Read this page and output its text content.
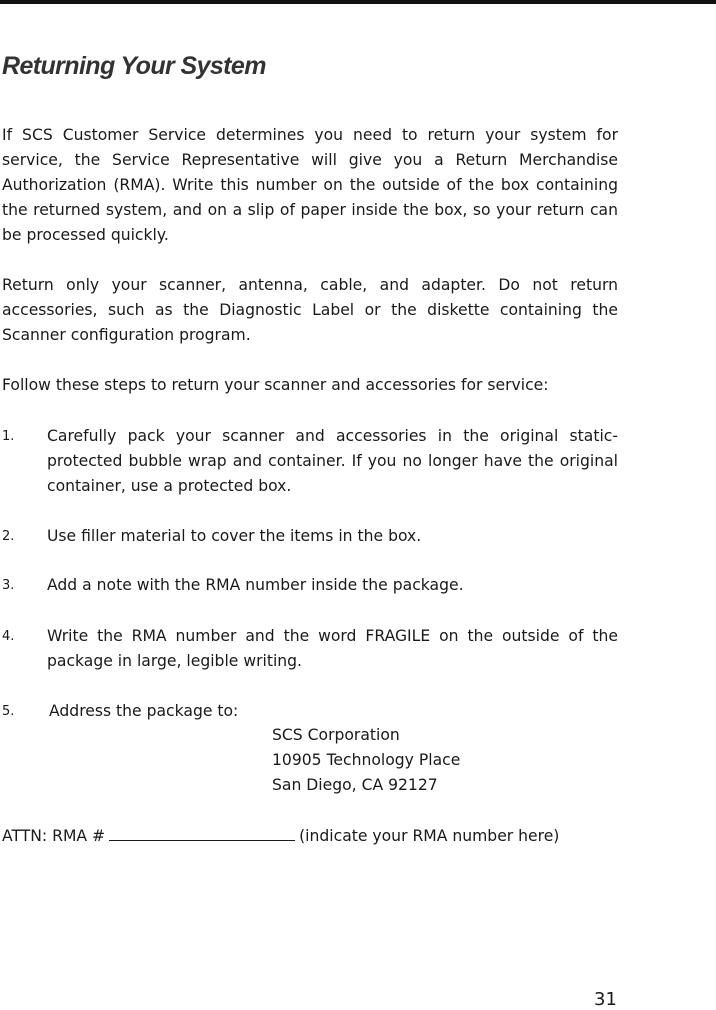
Returning Your System

If SCS Customer Service determines you need to return your system for service, the Service Representative will give you a Return Merchandise Authorization (RMA). Write this number on the outside of the box containing the returned system, and on a slip of paper inside the box, so your return can be processed quickly.

Return only your scanner, antenna, cable, and adapter. Do not return accessories, such as the Diagnostic Label or the diskette containing the Scanner configuration program.

Follow these steps to return your scanner and accessories for service:

1. Carefully pack your scanner and accessories in the original static-protected bubble wrap and container. If you no longer have the original container, use a protected box.
2. Use filler material to cover the items in the box.
3. Add a note with the RMA number inside the package.
4. Write the RMA number and the word FRAGILE on the outside of the package in large, legible writing.
5. Address the package to:
SCS Corporation
10905 Technology Place
San Diego, CA 92127
ATTN: RMA #	(indicate your RMA number here)
31
